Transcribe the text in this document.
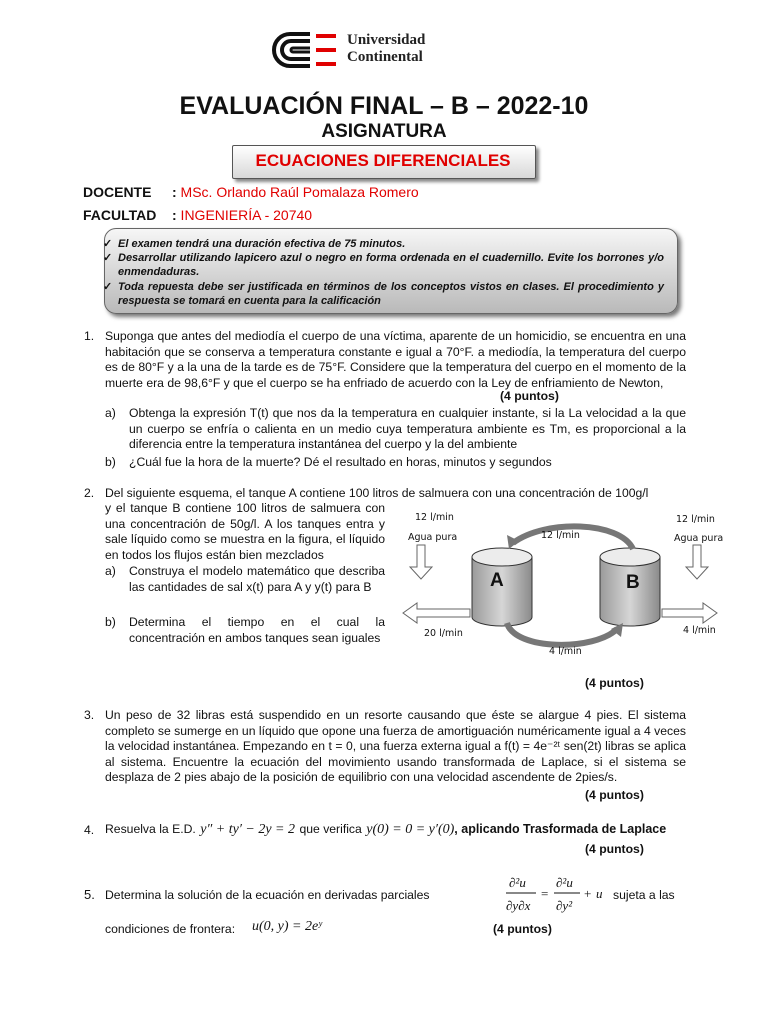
Universidad
Continental
EVALUACIÓN FINAL – B – 2022-10
ASIGNATURA
ECUACIONES DIFERENCIALES
DOCENTE : MSc. Orlando Raúl Pomalaza Romero
FACULTAD : INGENIERÍA - 20740
✓ El examen tendrá una duración efectiva de 75 minutos.
✓ Desarrollar utilizando lapicero azul o negro en forma ordenada en el cuadernillo. Evite los borrones y/o enmendaduras.
✓ Toda repuesta debe ser justificada en términos de los conceptos vistos en clases. El procedimiento y respuesta se tomará en cuenta para la calificación
1. Suponga que antes del mediodía el cuerpo de una víctima, aparente de un homicidio, se encuentra en una habitación que se conserva a temperatura constante e igual a 70°F. a mediodía, la temperatura del cuerpo es de 80°F y a la una de la tarde es de 75°F. Considere que la temperatura del cuerpo en el momento de la muerte era de 98,6°F y que el cuerpo se ha enfriado de acuerdo con la Ley de enfriamiento de Newton,
(4 puntos)
a) Obtenga la expresión T(t) que nos da la temperatura en cualquier instante, si la La velocidad a la que un cuerpo se enfría o calienta en un medio cuya temperatura ambiente es Tm, es proporcional a la diferencia entre la temperatura instantánea del cuerpo y la del ambiente
b) ¿Cuál fue la hora de la muerte? Dé el resultado en horas, minutos y segundos
2. Del siguiente esquema, el tanque A contiene 100 litros de salmuera con una concentración de 100g/l
y el tanque B contiene 100 litros de salmuera con una concentración de 50g/l. A los tanques entra y sale líquido como se muestra en la figura, el líquido en todos los flujos están bien mezclados
a) Construya el modelo matemático que describa las cantidades de sal x(t) para A y y(t) para B
b) Determina el tiempo en el cual la concentración en ambos tanques sean iguales
(4 puntos)
A	B
12 l/min
Agua pura
12 l/min
Agua pura
12 l/min
20 l/min	4 l/min
4 l/min
3. Un peso de 32 libras está suspendido en un resorte causando que éste se alargue 4 pies. El sistema completo se sumerge en un líquido que opone una fuerza de amortiguación numéricamente igual a 4 veces la velocidad instantánea. Empezando en t = 0, una fuerza externa igual a f(t) = 4e⁻²ᵗ sen(2t) libras se aplica al sistema. Encuentre la ecuación del movimiento usando transformada de Laplace, si el sistema se desplaza de 2 pies abajo de la posición de equilibrio con una velocidad ascendente de 2pies/s.
(4 puntos)
4. Resuelva la E.D. y″ + ty′ − 2y = 2 que verifica y(0) = 0 = y′(0), aplicando Trasformada de Laplace
(4 puntos)
5. Determina la solución de la ecuación en derivadas parciales
∂²u
∂y∂x
=
∂²u
∂y²
+ u sujeta a las
condiciones de frontera: u(0, y) = 2eʸ	(4 puntos)
